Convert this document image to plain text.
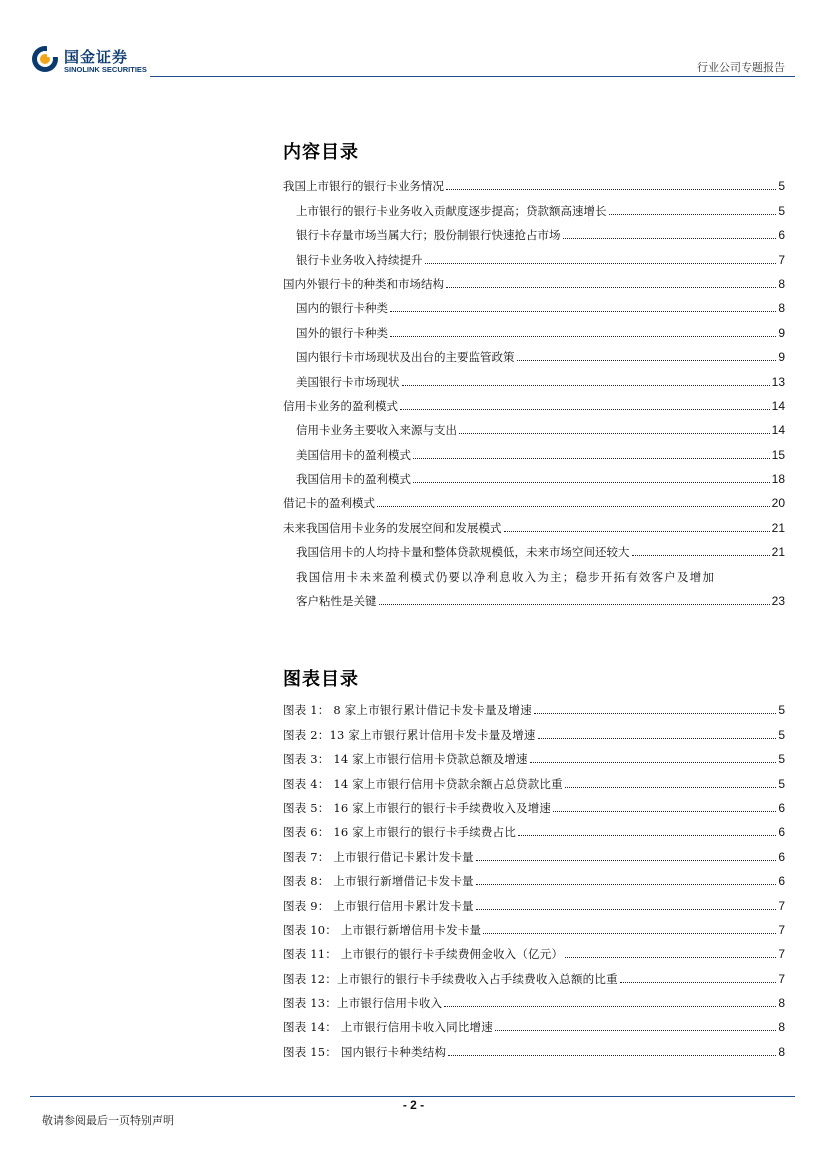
国金证券
SINOLINK SECURITIES	行业公司专题报告
内容目录
我国上市银行的银行卡业务情况	5
上市银行的银行卡业务收入贡献度逐步提高；贷款额高速增长	5
银行卡存量市场当属大行；股份制银行快速抢占市场	6
银行卡业务收入持续提升	7
国内外银行卡的种类和市场结构	8
国内的银行卡种类	8
国外的银行卡种类	9
国内银行卡市场现状及出台的主要监管政策	9
美国银行卡市场现状	13
信用卡业务的盈利模式	14
信用卡业务主要收入来源与支出	14
美国信用卡的盈利模式	15
我国信用卡的盈利模式	18
借记卡的盈利模式	20
未来我国信用卡业务的发展空间和发展模式	21
我国信用卡的人均持卡量和整体贷款规模低，未来市场空间还较大	21
我国信用卡未来盈利模式仍要以净利息收入为主；稳步开拓有效客户及增加
客户粘性是关键	23
图表目录
图表 1： 8 家上市银行累计借记卡发卡量及增速	5
图表 2：13 家上市银行累计信用卡发卡量及增速	5
图表 3： 14 家上市银行信用卡贷款总额及增速	5
图表 4： 14 家上市银行信用卡贷款余额占总贷款比重	5
图表 5： 16 家上市银行的银行卡手续费收入及增速	6
图表 6： 16 家上市银行的银行卡手续费占比	6
图表 7： 上市银行借记卡累计发卡量	6
图表 8： 上市银行新增借记卡发卡量	6
图表 9： 上市银行信用卡累计发卡量	7
图表 10： 上市银行新增信用卡发卡量	7
图表 11： 上市银行的银行卡手续费佣金收入（亿元）	7
图表 12：上市银行的银行卡手续费收入占手续费收入总额的比重	7
图表 13：上市银行信用卡收入	8
图表 14： 上市银行信用卡收入同比增速	8
图表 15： 国内银行卡种类结构	8
- 2 -
敬请参阅最后一页特别声明
